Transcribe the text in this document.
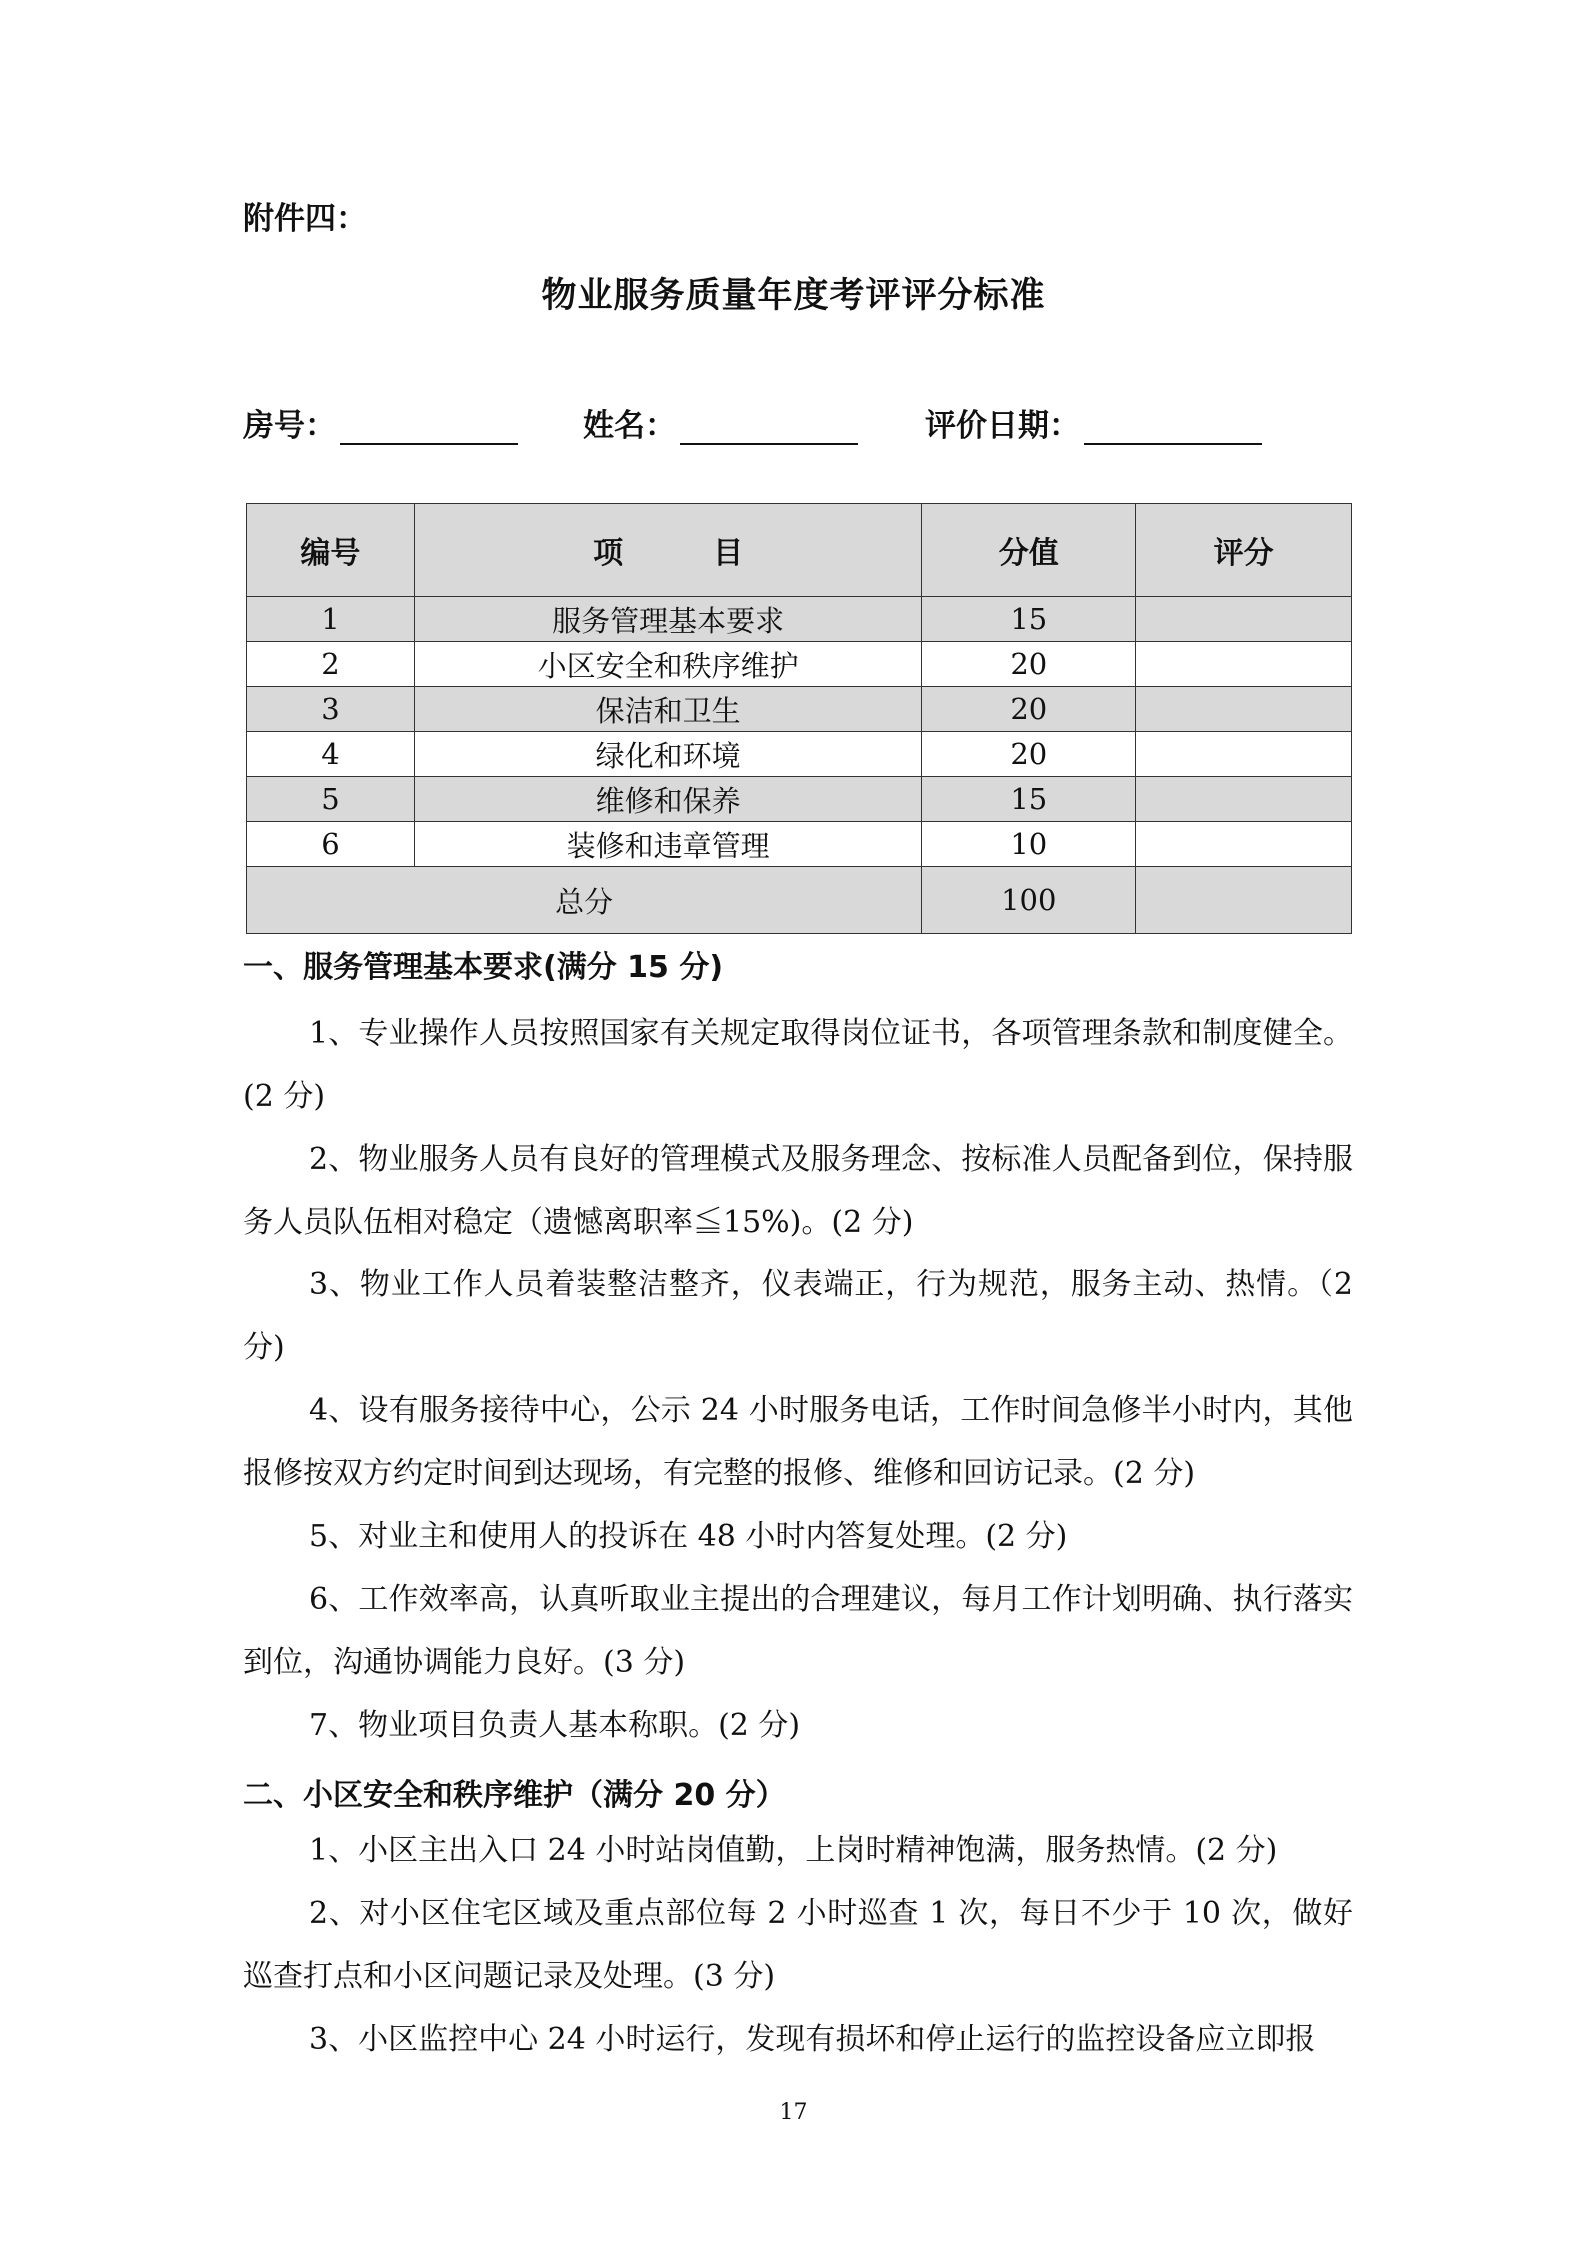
附件四：
物业服务质量年度考评评分标准
房号：	姓名：	评价日期：
编号	项　　　目	分值	评分
1	服务管理基本要求	15	
2	小区安全和秩序维护	20	
3	保洁和卫生	20	
4	绿化和环境	20	
5	维修和保养	15	
6	装修和违章管理	10	
总分		100	
一、服务管理基本要求(满分 15 分)
1、专业操作人员按照国家有关规定取得岗位证书，各项管理条款和制度健全。(2 分)
2、物业服务人员有良好的管理模式及服务理念、按标准人员配备到位，保持服务人员队伍相对稳定（遗憾离职率≦15%)。(2 分)
3、物业工作人员着装整洁整齐，仪表端正，行为规范，服务主动、热情。（2 分)
4、设有服务接待中心，公示 24 小时服务电话，工作时间急修半小时内，其他报修按双方约定时间到达现场，有完整的报修、维修和回访记录。(2 分)
5、对业主和使用人的投诉在 48 小时内答复处理。(2 分)
6、工作效率高，认真听取业主提出的合理建议，每月工作计划明确、执行落实到位，沟通协调能力良好。(3 分)
7、物业项目负责人基本称职。(2 分)
二、小区安全和秩序维护（满分 20 分）
1、小区主出入口 24 小时站岗值勤，上岗时精神饱满，服务热情。(2 分)
2、对小区住宅区域及重点部位每 2 小时巡查 1 次，每日不少于 10 次，做好巡查打点和小区问题记录及处理。(3 分)
3、小区监控中心 24 小时运行，发现有损坏和停止运行的监控设备应立即报
17
